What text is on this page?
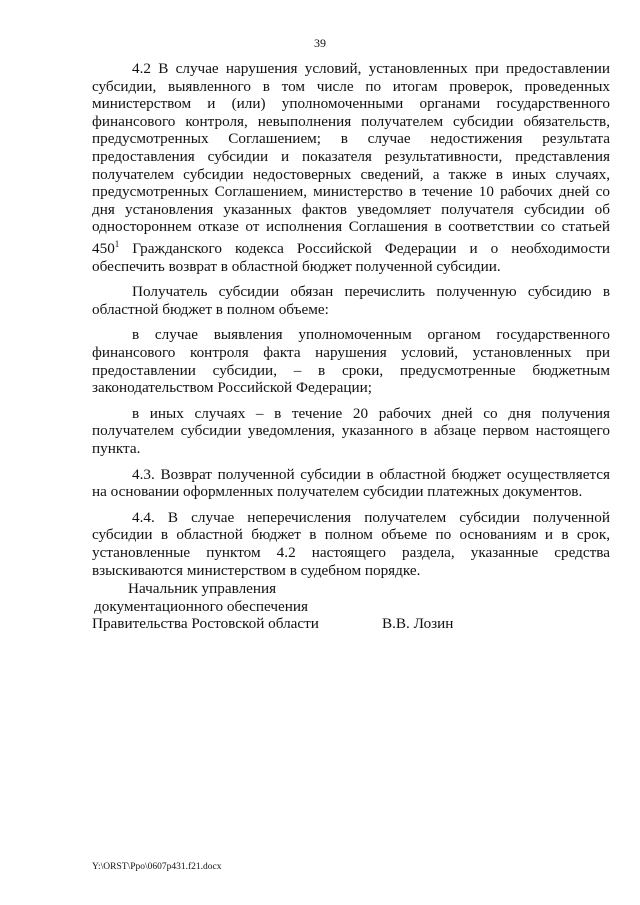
39

4.2 В случае нарушения условий, установленных при предоставлении субсидии, выявленного в том числе по итогам проверок, проведенных министерством и (или) уполномоченными органами государственного финансового контроля, невыполнения получателем субсидии обязательств, предусмотренных Соглашением; в случае недостижения результата предоставления субсидии и показателя результативности, представления получателем субсидии недостоверных сведений, а также в иных случаях, предусмотренных Соглашением, министерство в течение 10 рабочих дней со дня установления указанных фактов уведомляет получателя субсидии об одностороннем отказе от исполнения Соглашения в соответствии со статьей $450^1$ Гражданского кодекса Российской Федерации и о необходимости обеспечить возврат в областной бюджет полученной субсидии.

Получатель субсидии обязан перечислить полученную субсидию в областной бюджет в полном объеме:

в случае выявления уполномоченным органом государственного финансового контроля факта нарушения условий, установленных при предоставлении субсидии, – в сроки, предусмотренные бюджетным законодательством Российской Федерации;

в иных случаях – в течение 20 рабочих дней со дня получения получателем субсидии уведомления, указанного в абзаце первом настоящего пункта.

4.3. Возврат полученной субсидии в областной бюджет осуществляется на основании оформленных получателем субсидии платежных документов.

4.4. В случае неперечисления получателем субсидии полученной субсидии в областной бюджет в полном объеме по основаниям и в срок, установленные пунктом 4.2 настоящего раздела, указанные средства взыскиваются министерством в судебном порядке.

Начальник управления
документационного обеспечения
Правительства Ростовской области	В.В. Лозин
Y:\ORST\Ppo\0607p431.f21.docx
